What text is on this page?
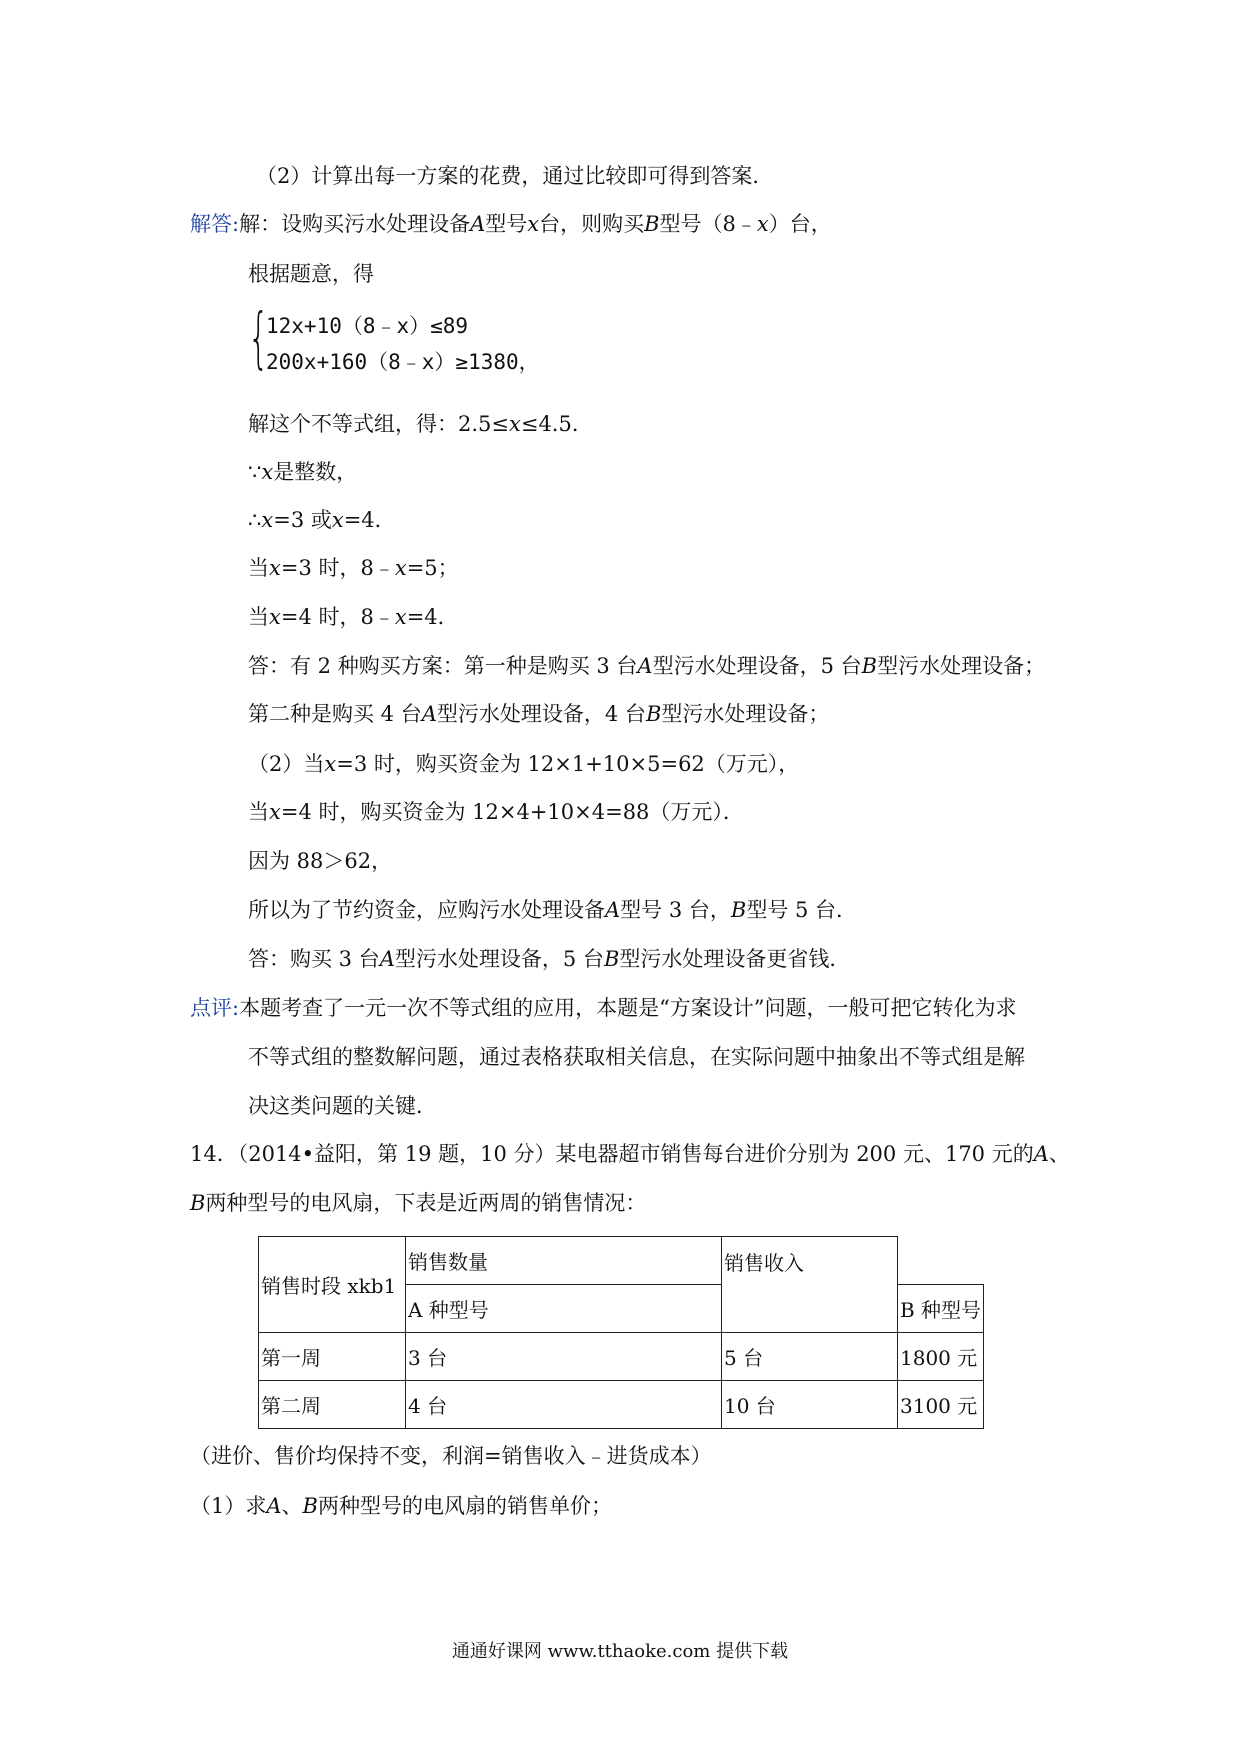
（2）计算出每一方案的花费，通过比较即可得到答案．
解答:解：设购买污水处理设备A型号x台，则购买B型号（8﹣x）台，
根据题意，得
{
12x+10（8﹣x）≤89
200x+160（8﹣x）≥1380，
解这个不等式组，得：2.5≤x≤4.5．
∵x是整数，
∴x=3 或x=4．
当x=3 时，8﹣x=5；
当x=4 时，8﹣x=4．
答：有 2 种购买方案：第一种是购买 3 台A型污水处理设备，5 台B型污水处理设备；
第二种是购买 4 台A型污水处理设备，4 台B型污水处理设备；
（2）当x=3 时，购买资金为 12×1+10×5=62（万元），
当x=4 时，购买资金为 12×4+10×4=88（万元）．
因为 88＞62，
所以为了节约资金，应购污水处理设备A型号 3 台，B型号 5 台．
答：购买 3 台A型污水处理设备，5 台B型污水处理设备更省钱．
点评:本题考查了一元一次不等式组的应用，本题是“方案设计”问题，一般可把它转化为求
不等式组的整数解问题，通过表格获取相关信息，在实际问题中抽象出不等式组是解
决这类问题的关键．
14．（2014•益阳，第 19 题，10 分）某电器超市销售每台进价分别为 200 元、170 元的A、
B两种型号的电风扇，下表是近两周的销售情况：
销售时段 xkb1	销售数量	销售收入	
	A 种型号		B 种型号
第一周	3 台	5 台	1800 元
第二周	4 台	10 台	3100 元
（进价、售价均保持不变，利润=销售收入﹣进货成本）
（1）求A、B两种型号的电风扇的销售单价；
通通好课网 www.tthaoke.com 提供下载
